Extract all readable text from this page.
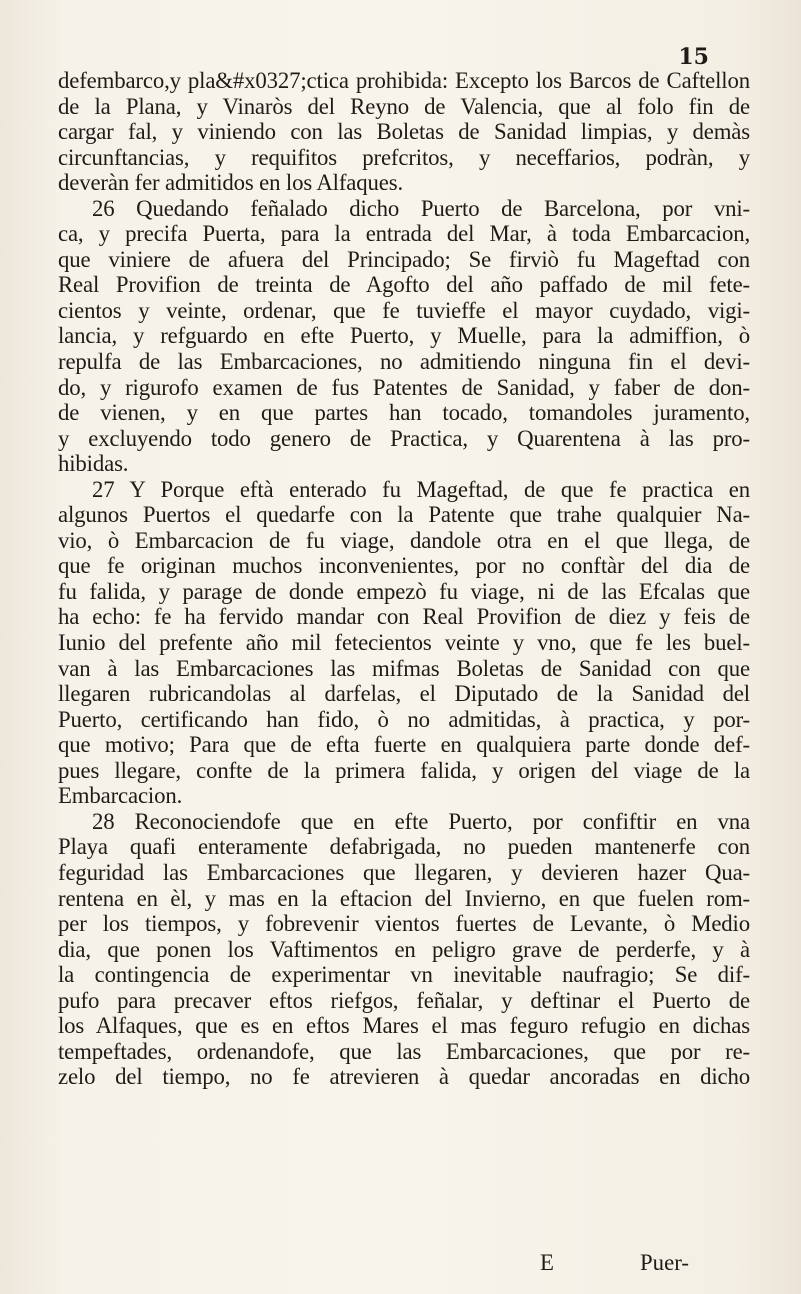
15
defembarco,y pla&#x0327;ctica prohibida: Excepto los Barcos de Caftellon
de la Plana, y Vinaròs del Reyno de Valencia, que al folo fin de
cargar fal, y viniendo con las Boletas de Sanidad limpias, y demàs
circunftancias, y requifitos prefcritos, y neceffarios, podràn, y
deveràn fer admitidos en los Alfaques.
26 Quedando feñalado dicho Puerto de Barcelona, por vni-
ca, y precifa Puerta, para la entrada del Mar, à toda Embarcacion,
que viniere de afuera del Principado; Se firviò fu Mageftad con
Real Provifion de treinta de Agofto del año paffado de mil fete-
cientos y veinte, ordenar, que fe tuvieffe el mayor cuydado, vigi-
lancia, y refguardo en efte Puerto, y Muelle, para la admiffion, ò
repulfa de las Embarcaciones, no admitiendo ninguna fin el devi-
do, y rigurofo examen de fus Patentes de Sanidad, y faber de don-
de vienen, y en que partes han tocado, tomandoles juramento,
y excluyendo todo genero de Practica, y Quarentena à las pro-
hibidas.
27 Y Porque eftà enterado fu Mageftad, de que fe practica en
algunos Puertos el quedarfe con la Patente que trahe qualquier Na-
vio, ò Embarcacion de fu viage, dandole otra en el que llega, de
que fe originan muchos inconvenientes, por no conftàr del dia de
fu falida, y parage de donde empezò fu viage, ni de las Efcalas que
ha echo: fe ha fervido mandar con Real Provifion de diez y feis de
Iunio del prefente año mil fetecientos veinte y vno, que fe les buel-
van à las Embarcaciones las mifmas Boletas de Sanidad con que
llegaren rubricandolas al darfelas, el Diputado de la Sanidad del
Puerto, certificando han fido, ò no admitidas, à practica, y por-
que motivo; Para que de efta fuerte en qualquiera parte donde def-
pues llegare, confte de la primera falida, y origen del viage de la
Embarcacion.
28 Reconociendofe que en efte Puerto, por confiftir en vna
Playa quafi enteramente defabrigada, no pueden mantenerfe con
feguridad las Embarcaciones que llegaren, y devieren hazer Qua-
rentena en èl, y mas en la eftacion del Invierno, en que fuelen rom-
per los tiempos, y fobrevenir vientos fuertes de Levante, ò Medio
dia, que ponen los Vaftimentos en peligro grave de perderfe, y à
la contingencia de experimentar vn inevitable naufragio; Se dif-
pufo para precaver eftos riefgos, feñalar, y deftinar el Puerto de
los Alfaques, que es en eftos Mares el mas feguro refugio en dichas
tempeftades, ordenandofe, que las Embarcaciones, que por re-
zelo del tiempo, no fe atrevieren à quedar ancoradas en dicho
E	Puer-
